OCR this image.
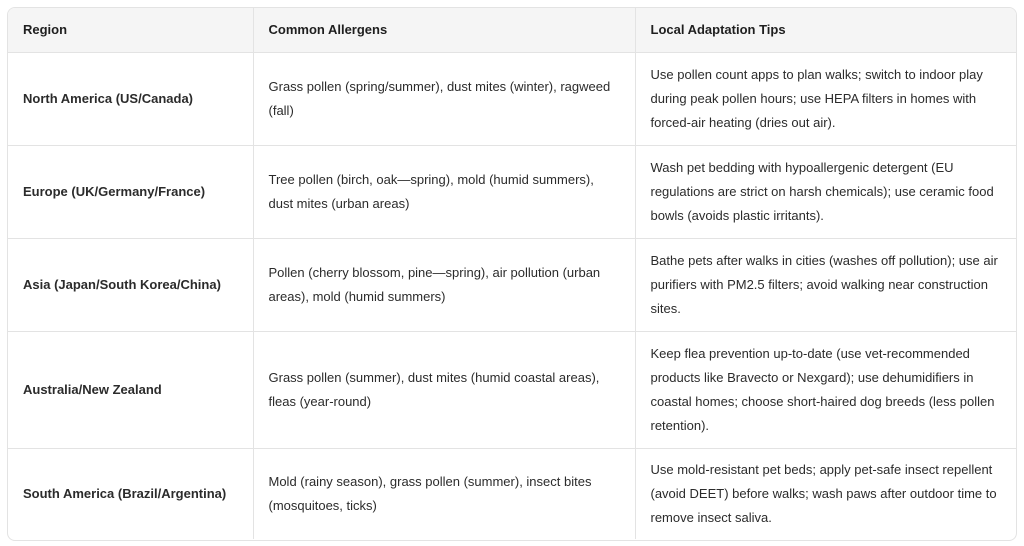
Region	Common Allergens	Local Adaptation Tips
North America (US/Canada)	Grass pollen (spring/summer), dust mites (winter), ragweed (fall)	Use pollen count apps to plan walks; switch to indoor play during peak pollen hours; use HEPA filters in homes with forced-air heating (dries out air).
Europe (UK/Germany/France)	Tree pollen (birch, oak—spring), mold (humid summers), dust mites (urban areas)	Wash pet bedding with hypoallergenic detergent (EU regulations are strict on harsh chemicals); use ceramic food bowls (avoids plastic irritants).
Asia (Japan/South Korea/China)	Pollen (cherry blossom, pine—spring), air pollution (urban areas), mold (humid summers)	Bathe pets after walks in cities (washes off pollution); use air purifiers with PM2.5 filters; avoid walking near construction sites.
Australia/New Zealand	Grass pollen (summer), dust mites (humid coastal areas), fleas (year-round)	Keep flea prevention up-to-date (use vet-recommended products like Bravecto or Nexgard); use dehumidifiers in coastal homes; choose short-haired dog breeds (less pollen retention).
South America (Brazil/Argentina)	Mold (rainy season), grass pollen (summer), insect bites (mosquitoes, ticks)	Use mold-resistant pet beds; apply pet-safe insect repellent (avoid DEET) before walks; wash paws after outdoor time to remove insect saliva.
